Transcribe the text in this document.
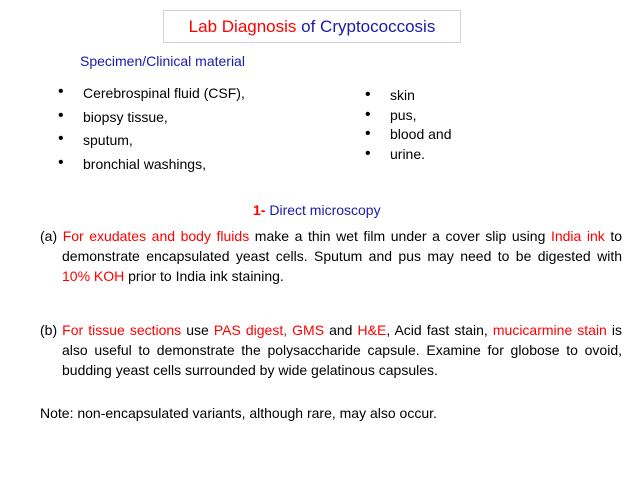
Lab Diagnosis of Cryptococcosis
Specimen/Clinical material
• Cerebrospinal fluid (CSF),
• biopsy tissue,
• sputum,
• bronchial washings,
• skin
• pus,
• blood and
• urine.
1- Direct microscopy
(a) For exudates and body fluids make a thin wet film under a cover slip using India ink to demonstrate encapsulated yeast cells. Sputum and pus may need to be digested with 10% KOH prior to India ink staining.
(b) For tissue sections use PAS digest, GMS and H&E, Acid fast stain, mucicarmine stain is also useful to demonstrate the polysaccharide capsule. Examine for globose to ovoid, budding yeast cells surrounded by wide gelatinous capsules.
Note: non-encapsulated variants, although rare, may also occur.
